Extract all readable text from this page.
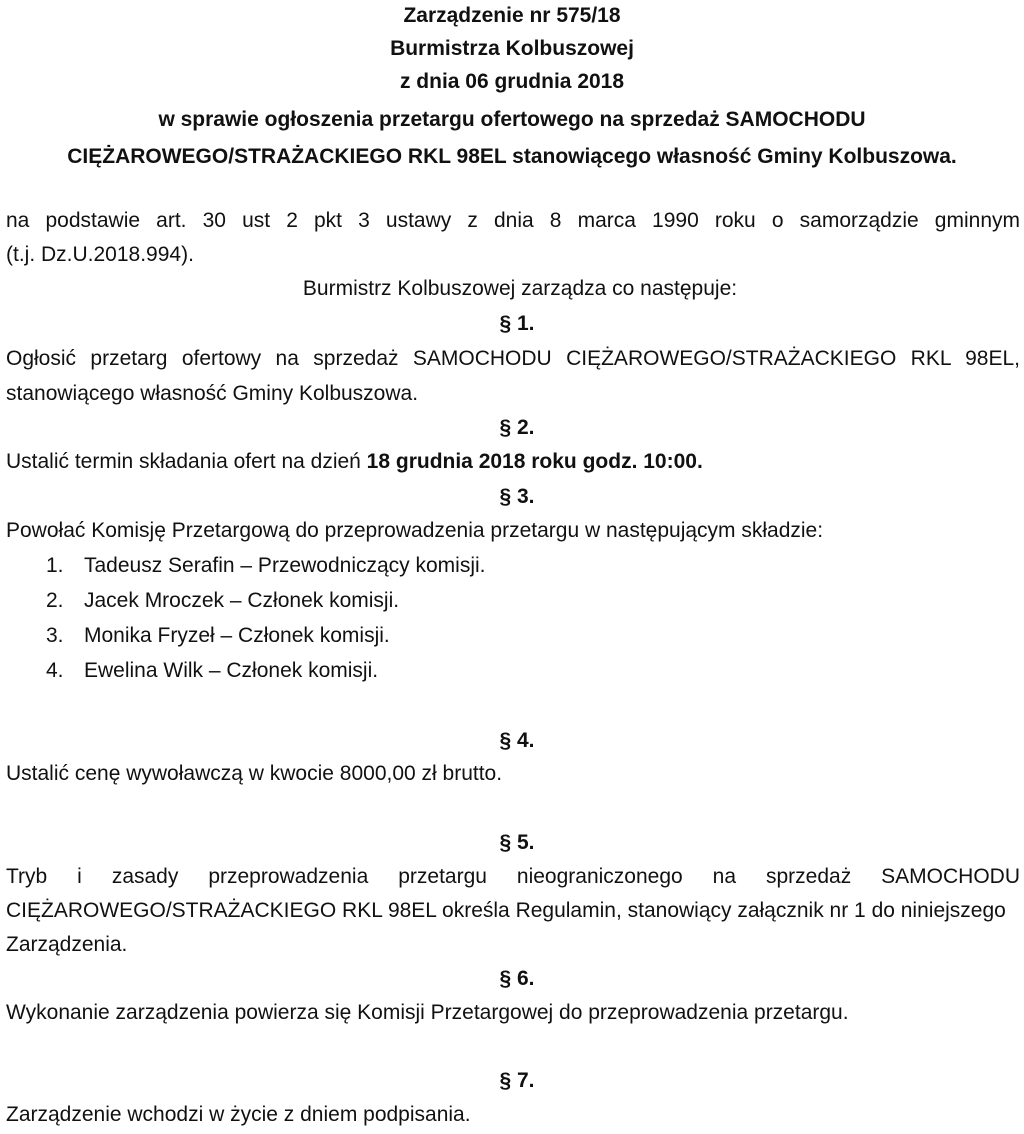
Zarządzenie nr 575/18
Burmistrza Kolbuszowej
z dnia 06 grudnia 2018
w sprawie ogłoszenia przetargu ofertowego na sprzedaż SAMOCHODU
CIĘŻAROWEGO/STRAŻACKIEGO RKL 98EL stanowiącego własność Gminy Kolbuszowa.
na podstawie art. 30 ust 2 pkt 3 ustawy z dnia 8 marca 1990 roku o samorządzie gminnym
(t.j. Dz.U.2018.994).
Burmistrz Kolbuszowej zarządza co następuje:
§ 1.
Ogłosić przetarg ofertowy na sprzedaż SAMOCHODU CIĘŻAROWEGO/STRAŻACKIEGO RKL 98EL,
stanowiącego własność Gminy Kolbuszowa.
§ 2.
Ustalić termin składania ofert na dzień 18 grudnia 2018 roku godz. 10:00.
§ 3.
Powołać Komisję Przetargową do przeprowadzenia przetargu w następującym składzie:
1. Tadeusz Serafin – Przewodniczący komisji.
2. Jacek Mroczek – Członek komisji.
3. Monika Fryzeł – Członek komisji.
4. Ewelina Wilk – Członek komisji.
§ 4.
Ustalić cenę wywoławczą w kwocie 8000,00 zł brutto.
§ 5.
Tryb i zasady przeprowadzenia przetargu nieograniczonego na sprzedaż SAMOCHODU
CIĘŻAROWEGO/STRAŻACKIEGO RKL 98EL określa Regulamin, stanowiący załącznik nr 1 do niniejszego
Zarządzenia.
§ 6.
Wykonanie zarządzenia powierza się Komisji Przetargowej do przeprowadzenia przetargu.
§ 7.
Zarządzenie wchodzi w życie z dniem podpisania.
